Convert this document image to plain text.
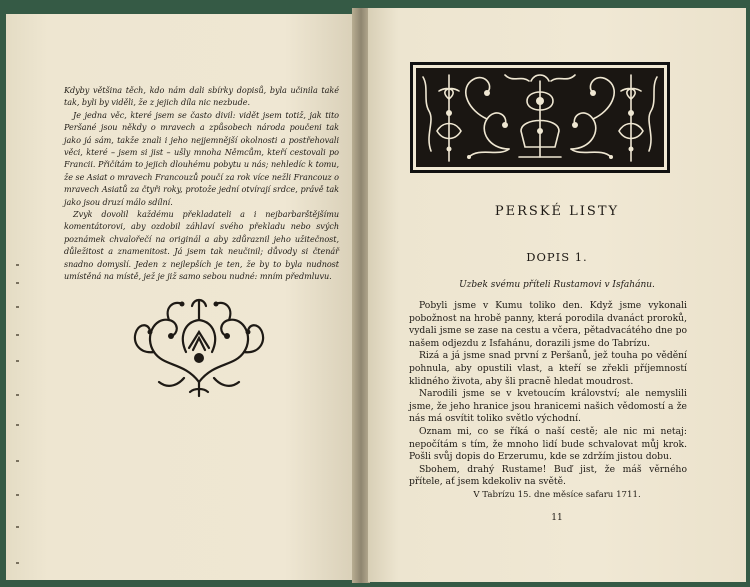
Kdyby většina těch, kdo nám dali sbírky dopisů, byla učinila také tak, byli by viděli, že z jejich díla nic nezbude.

Je jedna věc, které jsem se často divil: vidět jsem totiž, jak tito Peršané jsou někdy o mravech a způsobech národa poučeni tak jako já sám, takže znali i jeho nejjemnější okolnosti a postřehovali věci, které – jsem si jist – ušly mnoha Němcům, kteří cestovali po Francii. Přičítám to jejich dlouhému pobytu u nás; nehledíc k tomu, že se Asiat o mravech Francouzů poučí za rok více nežli Francouz o mravech Asiatů za čtyři roky, protože jední otvírají srdce, právě tak jako jsou druzí málo sdílní.

Zvyk dovolil každému překladateli a i nejbarbarštějšímu komentátorovi, aby ozdobil záhlaví svého překladu nebo svých poznámek chvalořečí na originál a aby zdůraznil jeho užitečnost, důležitost a znamenitost. Já jsem tak neučinil; důvody si čtenář snadno domyslí. Jeden z nejlepších je ten, že by to byla nudnost umístěná na místě, jež je již samo sebou nudné: mním předmluvu.

PERSKÉ LISTY
DOPIS 1.
Uzbek svému příteli Rustamovi v Isfahánu.

Pobyli jsme v Kumu toliko den. Když jsme vykonali pobožnost na hrobě panny, která porodila dvanáct proroků, vydali jsme se zase na cestu a včera, pětadvacátého dne po našem odjezdu z Isfahánu, dorazili jsme do Tabrízu.

Rizá a já jsme snad první z Peršanů, jež touha po vědění pohnula, aby opustili vlast, a kteří se zřekli příjemností klidného života, aby šli pracně hledat moudrost.

Narodili jsme se v kvetoucím království; ale nemyslili jsme, že jeho hranice jsou hranicemi našich vědomostí a že nás má osvítit toliko světlo východní.

Oznam mi, co se říká o naší cestě; ale nic mi netaj: nepočítám s tím, že mnoho lidí bude schvalovat můj krok. Pošli svůj dopis do Erzerumu, kde se zdržím jistou dobu.

Sbohem, drahý Rustame! Buď jist, že máš věrného přítele, ať jsem kdekoliv na světě.

V Tabrízu 15. dne měsíce safaru 1711.
11
